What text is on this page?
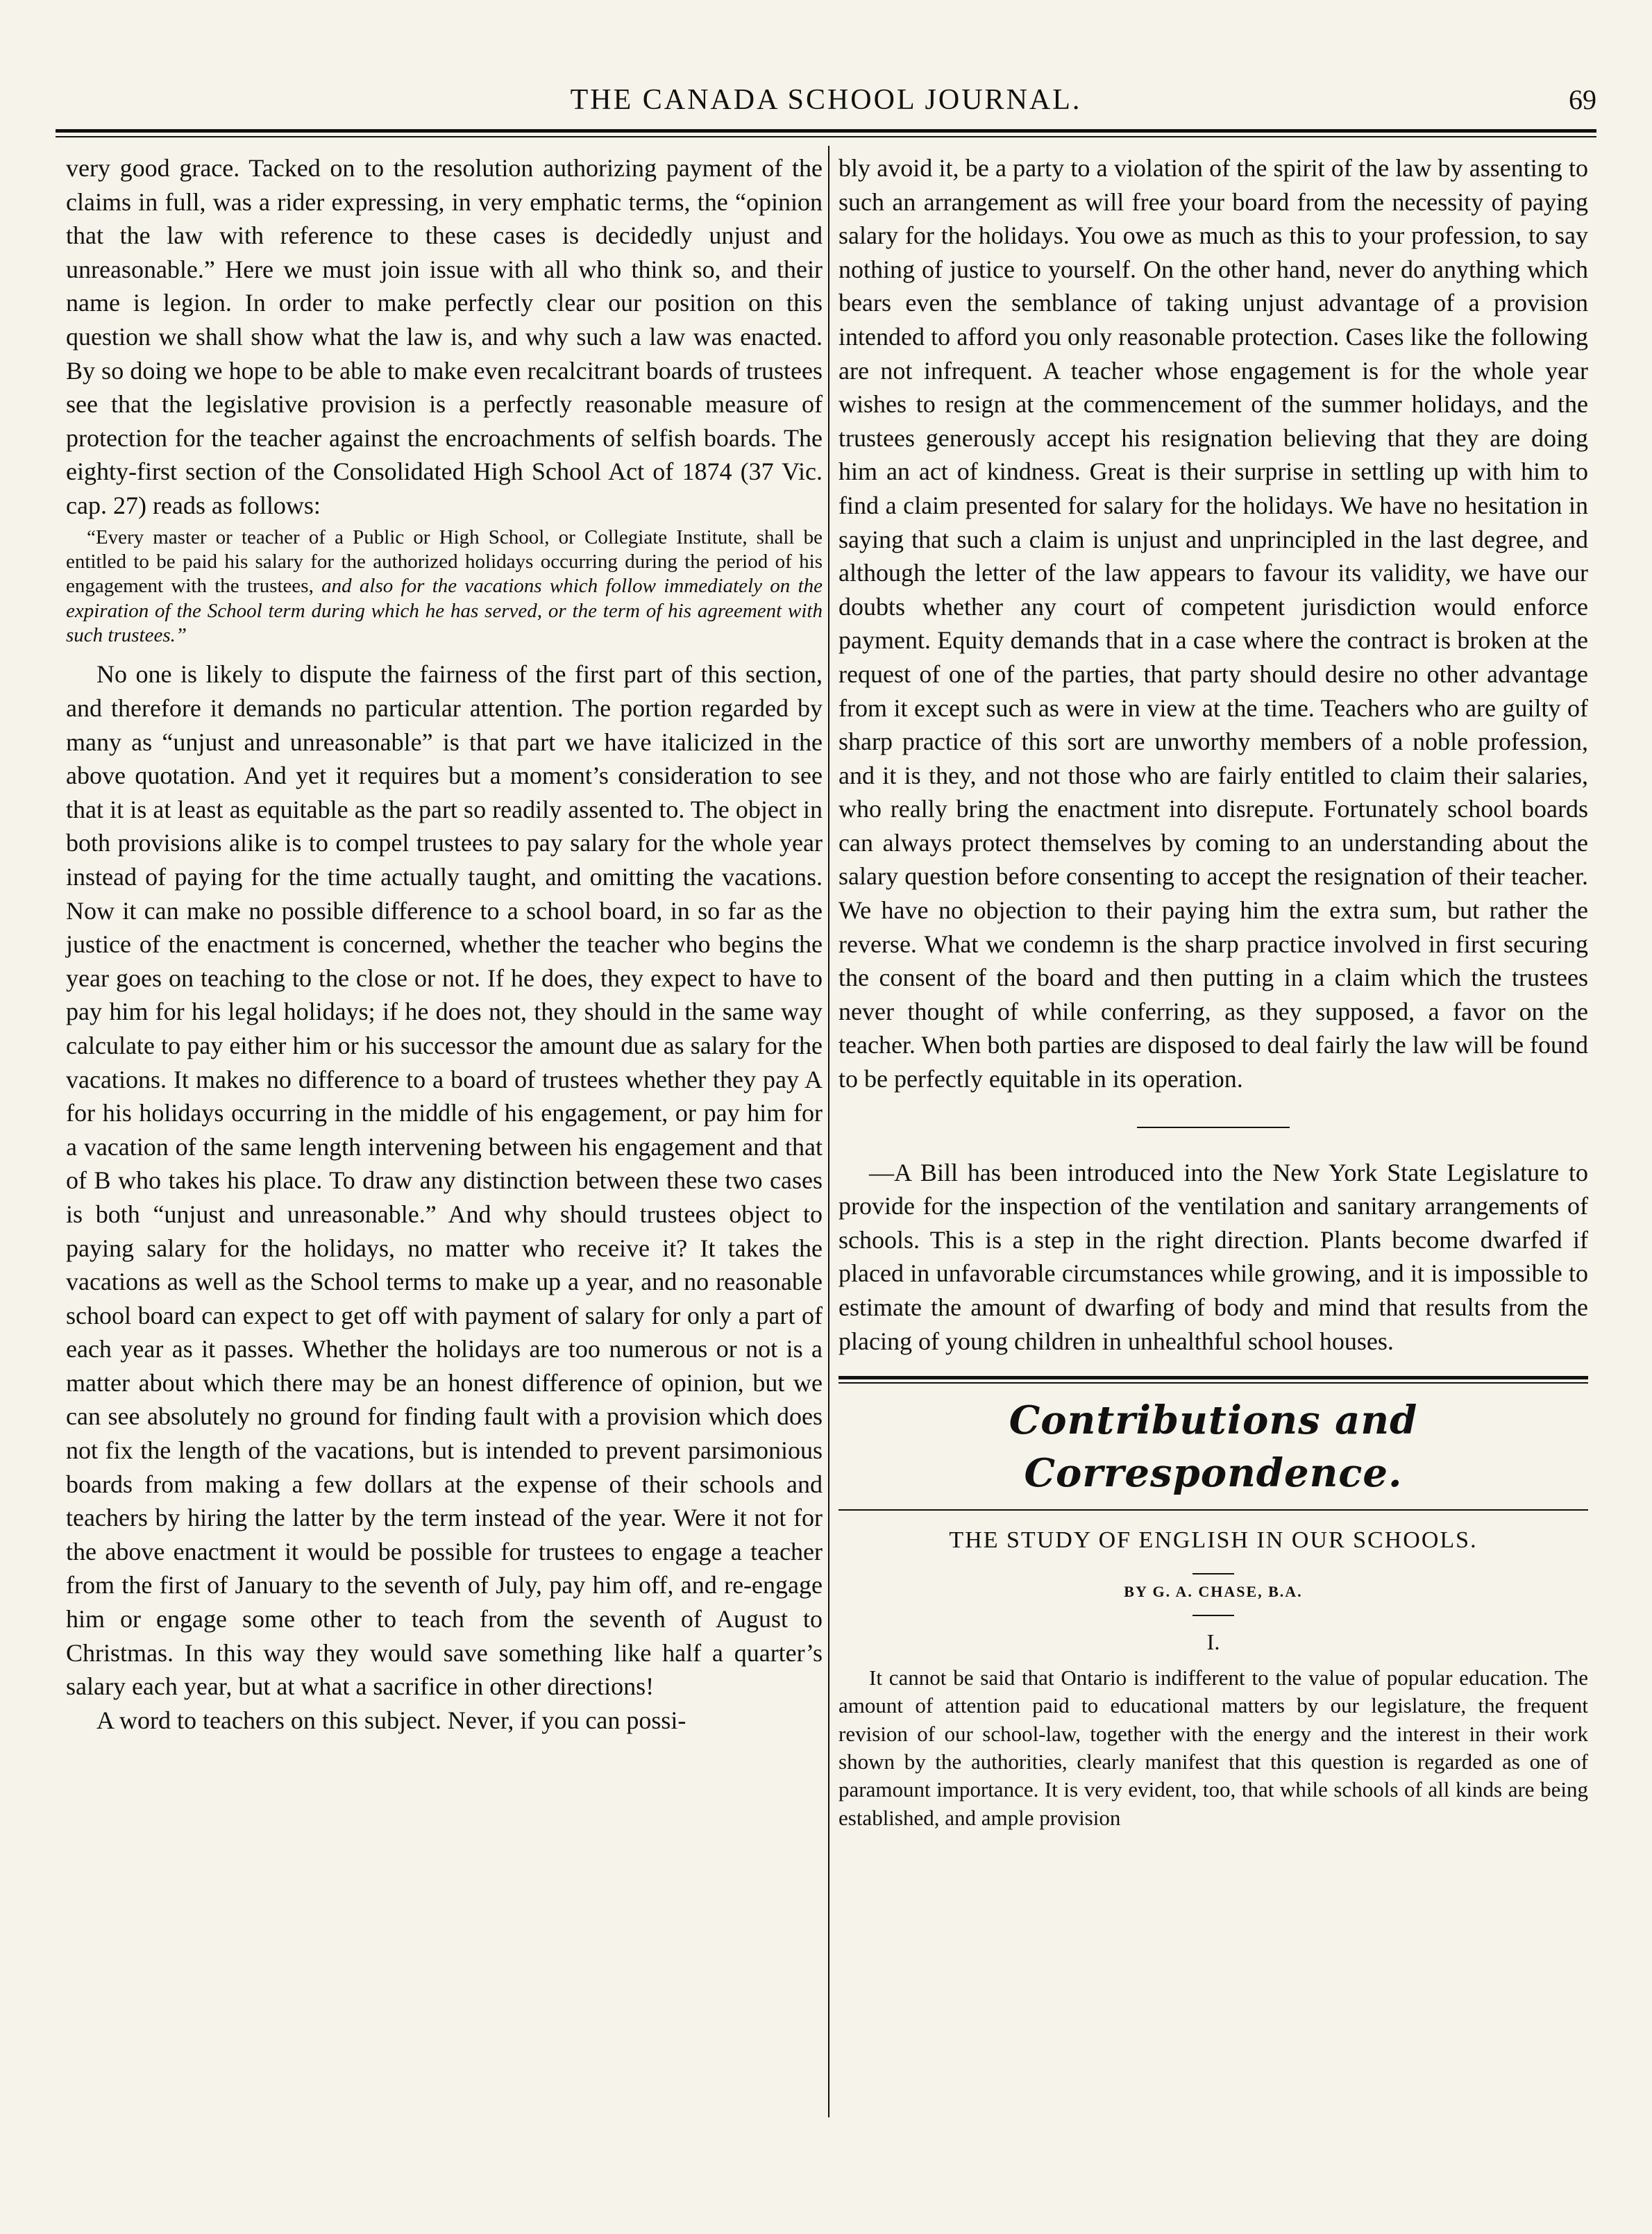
THE CANADA SCHOOL JOURNAL.	69

very good grace. Tacked on to the resolution authorizing payment of the claims in full, was a rider expressing, in very emphatic terms, the “opinion that the law with reference to these cases is decidedly unjust and unreasonable.” Here we must join issue with all who think so, and their name is legion. In order to make perfectly clear our position on this question we shall show what the law is, and why such a law was enacted. By so doing we hope to be able to make even recalcitrant boards of trustees see that the legislative provision is a perfectly reasonable measure of protection for the teacher against the encroachments of selfish boards. The eighty-first section of the Consolidated High School Act of 1874 (37 Vic. cap. 27) reads as follows:

“Every master or teacher of a Public or High School, or Collegiate Institute, shall be entitled to be paid his salary for the authorized holidays occurring during the period of his engagement with the trustees, and also for the vacations which follow immediately on the expiration of the School term during which he has served, or the term of his agreement with such trustees.”

No one is likely to dispute the fairness of the first part of this section, and therefore it demands no particular attention. The portion regarded by many as “unjust and unreasonable” is that part we have italicized in the above quotation. And yet it requires but a moment’s consideration to see that it is at least as equitable as the part so readily assented to. The object in both provisions alike is to compel trustees to pay salary for the whole year instead of paying for the time actually taught, and omitting the vacations. Now it can make no possible difference to a school board, in so far as the justice of the enactment is concerned, whether the teacher who begins the year goes on teaching to the close or not. If he does, they expect to have to pay him for his legal holidays; if he does not, they should in the same way calculate to pay either him or his successor the amount due as salary for the vacations. It makes no difference to a board of trustees whether they pay A for his holidays occurring in the middle of his engagement, or pay him for a vacation of the same length intervening between his engagement and that of B who takes his place. To draw any distinction between these two cases is both “unjust and unreasonable.” And why should trustees object to paying salary for the holidays, no matter who receive it? It takes the vacations as well as the School terms to make up a year, and no reasonable school board can expect to get off with payment of salary for only a part of each year as it passes. Whether the holidays are too numerous or not is a matter about which there may be an honest difference of opinion, but we can see absolutely no ground for finding fault with a provision which does not fix the length of the vacations, but is intended to prevent parsimonious boards from making a few dollars at the expense of their schools and teachers by hiring the latter by the term instead of the year. Were it not for the above enactment it would be possible for trustees to engage a teacher from the first of January to the seventh of July, pay him off, and re-engage him or engage some other to teach from the seventh of August to Christmas. In this way they would save something like half a quarter’s salary each year, but at what a sacrifice in other directions!

A word to teachers on this subject. Never, if you can possi-

bly avoid it, be a party to a violation of the spirit of the law by assenting to such an arrangement as will free your board from the necessity of paying salary for the holidays. You owe as much as this to your profession, to say nothing of justice to yourself. On the other hand, never do anything which bears even the semblance of taking unjust advantage of a provision intended to afford you only reasonable protection. Cases like the following are not infrequent. A teacher whose engagement is for the whole year wishes to resign at the commencement of the summer holidays, and the trustees generously accept his resignation believing that they are doing him an act of kindness. Great is their surprise in settling up with him to find a claim presented for salary for the holidays. We have no hesitation in saying that such a claim is unjust and unprincipled in the last degree, and although the letter of the law appears to favour its validity, we have our doubts whether any court of competent jurisdiction would enforce payment. Equity demands that in a case where the contract is broken at the request of one of the parties, that party should desire no other advantage from it except such as were in view at the time. Teachers who are guilty of sharp practice of this sort are unworthy members of a noble profession, and it is they, and not those who are fairly entitled to claim their salaries, who really bring the enactment into disrepute. Fortunately school boards can always protect themselves by coming to an understanding about the salary question before consenting to accept the resignation of their teacher. We have no objection to their paying him the extra sum, but rather the reverse. What we condemn is the sharp practice involved in first securing the consent of the board and then putting in a claim which the trustees never thought of while conferring, as they supposed, a favor on the teacher. When both parties are disposed to deal fairly the law will be found to be perfectly equitable in its operation.

—A Bill has been introduced into the New York State Legislature to provide for the inspection of the ventilation and sanitary arrangements of schools. This is a step in the right direction. Plants become dwarfed if placed in unfavorable circumstances while growing, and it is impossible to estimate the amount of dwarfing of body and mind that results from the placing of young children in unhealthful school houses.

Contributions and Correspondence.
THE STUDY OF ENGLISH IN OUR SCHOOLS.
BY G. A. CHASE, B.A.
I.

It cannot be said that Ontario is indifferent to the value of popular education. The amount of attention paid to educational matters by our legislature, the frequent revision of our school-law, together with the energy and the interest in their work shown by the authorities, clearly manifest that this question is regarded as one of paramount importance. It is very evident, too, that while schools of all kinds are being established, and ample provision
